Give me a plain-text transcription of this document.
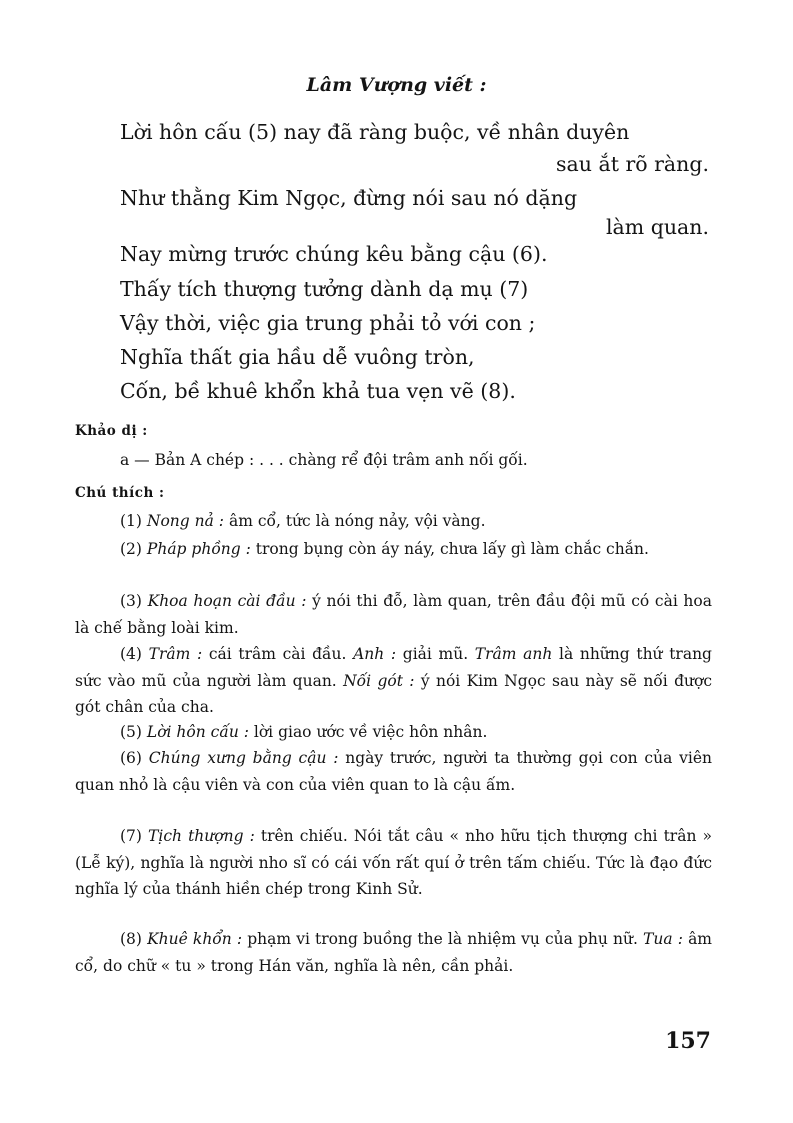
Lâm Vượng viết :
Lời hôn cấu (5) nay đã ràng buộc, về nhân duyên
sau ắt rõ ràng.
Như thằng Kim Ngọc, đừng nói sau nó dặng
làm quan.
Nay mừng trước chúng kêu bằng cậu (6).
Thấy tích thượng tưởng dành dạ mụ (7)
Vậy thời, việc gia trung phải tỏ với con ;
Nghĩa thất gia hầu dễ vuông tròn,
Cốn, bề khuê khổn khả tua vẹn vẽ (8).
Khảo dị :
a — Bản A chép : . . . chàng rể đội trâm anh nối gối.
Chú thích :
(1) Nong nả : âm cổ, tức là nóng nảy, vội vàng.
(2) Pháp phồng : trong bụng còn áy náy, chưa lấy gì làm chắc chắn.
(3) Khoa hoạn cài đầu : ý nói thi đỗ, làm quan, trên đầu đội mũ có cài hoa là chế bằng loài kim.
(4) Trâm : cái trâm cài đầu. Anh : giải mũ. Trâm anh là những thứ trang sức vào mũ của người làm quan. Nối gót : ý nói Kim Ngọc sau này sẽ nối được gót chân của cha.
(5) Lời hôn cấu : lời giao ước về việc hôn nhân.
(6) Chúng xưng bằng cậu : ngày trước, người ta thường gọi con của viên quan nhỏ là cậu viên và con của viên quan to là cậu ấm.
(7) Tịch thượng : trên chiếu. Nói tắt câu « nho hữu tịch thượng chi trân » (Lễ ký), nghĩa là người nho sĩ có cái vốn rất quí ở trên tấm chiếu. Tức là đạo đức nghĩa lý của thánh hiền chép trong Kinh Sử.
(8) Khuê khổn : phạm vi trong buồng the là nhiệm vụ của phụ nữ. Tua : âm cổ, do chữ « tu » trong Hán văn, nghĩa là nên, cần phải.
157
